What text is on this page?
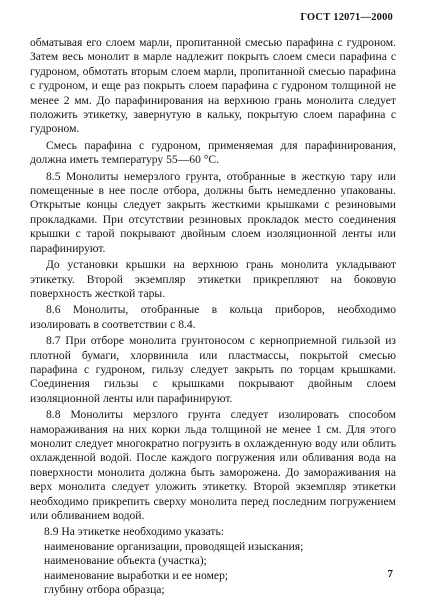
ГОСТ 12071—2000

обматывая его слоем марли, пропитанной смесью парафина с гудроном. Затем весь монолит в марле надлежит покрыть слоем смеси парафина с гудроном, обмотать вторым слоем марли, пропитанной смесью парафина с гудроном, и еще раз покрыть слоем парафина с гудроном толщиной не менее 2 мм. До парафинирования на верхнюю грань монолита следует положить этикетку, завернутую в кальку, покрытую слоем парафина с гудроном.

Смесь парафина с гудроном, применяемая для парафинирования, должна иметь температуру 55—60 °С.

8.5 Монолиты немерзлого грунта, отобранные в жесткую тару или помещенные в нее после отбора, должны быть немедленно упакованы. Открытые концы следует закрыть жесткими крышками с резиновыми прокладками. При отсутствии резиновых прокладок место соединения крышки с тарой покрывают двойным слоем изоляционной ленты или парафинируют.

До установки крышки на верхнюю грань монолита укладывают этикетку. Второй экземпляр этикетки прикрепляют на боковую поверхность жесткой тары.

8.6 Монолиты, отобранные в кольца приборов, необходимо изолировать в соответствии с 8.4.

8.7 При отборе монолита грунтоносом с керноприемной гильзой из плотной бумаги, хлорвинила или пластмассы, покрытой смесью парафина с гудроном, гильзу следует закрыть по торцам крышками. Соединения гильзы с крышками покрывают двойным слоем изоляционной ленты или парафинируют.

8.8 Монолиты мерзлого грунта следует изолировать способом намораживания на них корки льда толщиной не менее 1 см. Для этого монолит следует многократно погрузить в охлажденную воду или облить охлажденной водой. После каждого погружения или обливания вода на поверхности монолита должна быть заморожена. До замораживания на верх монолита следует уложить этикетку. Второй экземпляр этикетки необходимо прикрепить сверху монолита перед последним погружением или обливанием водой.

8.9 На этикетке необходимо указать:

наименование организации, проводящей изыскания;

наименование объекта (участка);

наименование выработки и ее номер;

глубину отбора образца;

7
